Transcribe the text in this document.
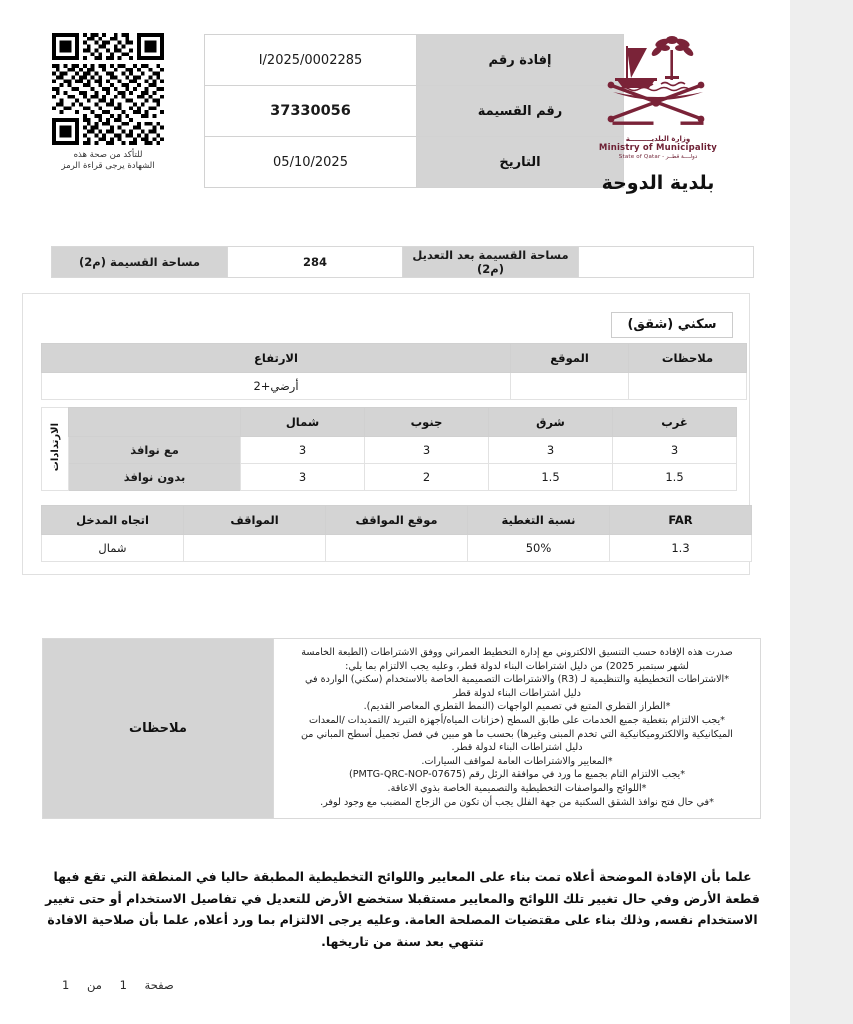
للتأكد من صحة هذه
الشهادة يرجى قراءة الرمز
إفادة رقم	I/2025/0002285
رقم القسيمة	37330056
التاريخ	05/10/2025
وزارة البلديـــــــــة
Ministry of Municipality
دولــــة قطــر - State of Qatar
بلدية الدوحة
	مساحة القسيمة بعد التعديل (م2)	284	مساحة القسيمة (م2)
سكني (شقق)
ملاحظات	الموقع	الارتفاع
		أرضي+2
غرب	شرق	جنوب	شمال		الارتدادات
3	3	3	3	مع نوافذ	
1.5	1.5	2	3	بدون نوافذ	
FAR	نسبة التغطية	موقع المواقف	المواقف	اتجاه المدخل
1.3	50%			شمال

صدرت هذه الإفادة حسب التنسيق الالكتروني مع إدارة التخطيط العمراني ووفق الاشتراطات (الطبعة الخامسة

لشهر سبتمبر 2025) من دليل اشتراطات البناء لدولة قطر، وعليه يجب الالتزام بما يلي:

*الاشتراطات التخطيطية والتنظيمية لـ (R3) والاشتراطات التصميمية الخاصة بالاستخدام (سكني) الواردة في

دليل اشتراطات البناء لدولة قطر

*الطراز القطري المتبع في تصميم الواجهات (النمط القطري المعاصر القديم).

*يجب الالتزام بتغطية جميع الخدمات على طابق السطح (خزانات المياه/أجهزة التبريد /التمديدات /المعدات

الميكانيكية والالكتروميكانيكية التي تخدم المبنى وغيرها) بحسب ما هو مبين في فصل تجميل أسطح المباني من

دليل اشتراطات البناء لدولة قطر.

*المعايير والاشتراطات العامة لمواقف السيارات.

*يجب الالتزام التام بجميع ما ورد في موافقة الرئل رقم (PMTG-QRC-NOP-07675)

*اللوائح والمواصفات التخطيطية والتصميمية الخاصة بذوي الاعاقة.

*في حال فتح نوافذ الشقق السكنية من جهة الفلل يجب أن تكون من الزجاج المضبب مع وجود لوفر.

	ملاحظات
علما بأن الإفادة الموضحة أعلاه تمت بناء على المعايير واللوائح التخطيطية المطبقة حاليا في المنطقة التي تقع فيها قطعة الأرض وفي حال تغيير تلك اللوائح والمعايير مستقبلا ستخضع الأرض للتعديل في تفاصيل الاستخدام أو حتى تغيير الاستخدام نفسه, وذلك بناء على مقتضيات المصلحة العامة. وعليه يرجى الالتزام بما ورد أعلاه, علما بأن صلاحية الافادة تنتهي بعد سنة من تاريخها.
صفحة 1 من 1
